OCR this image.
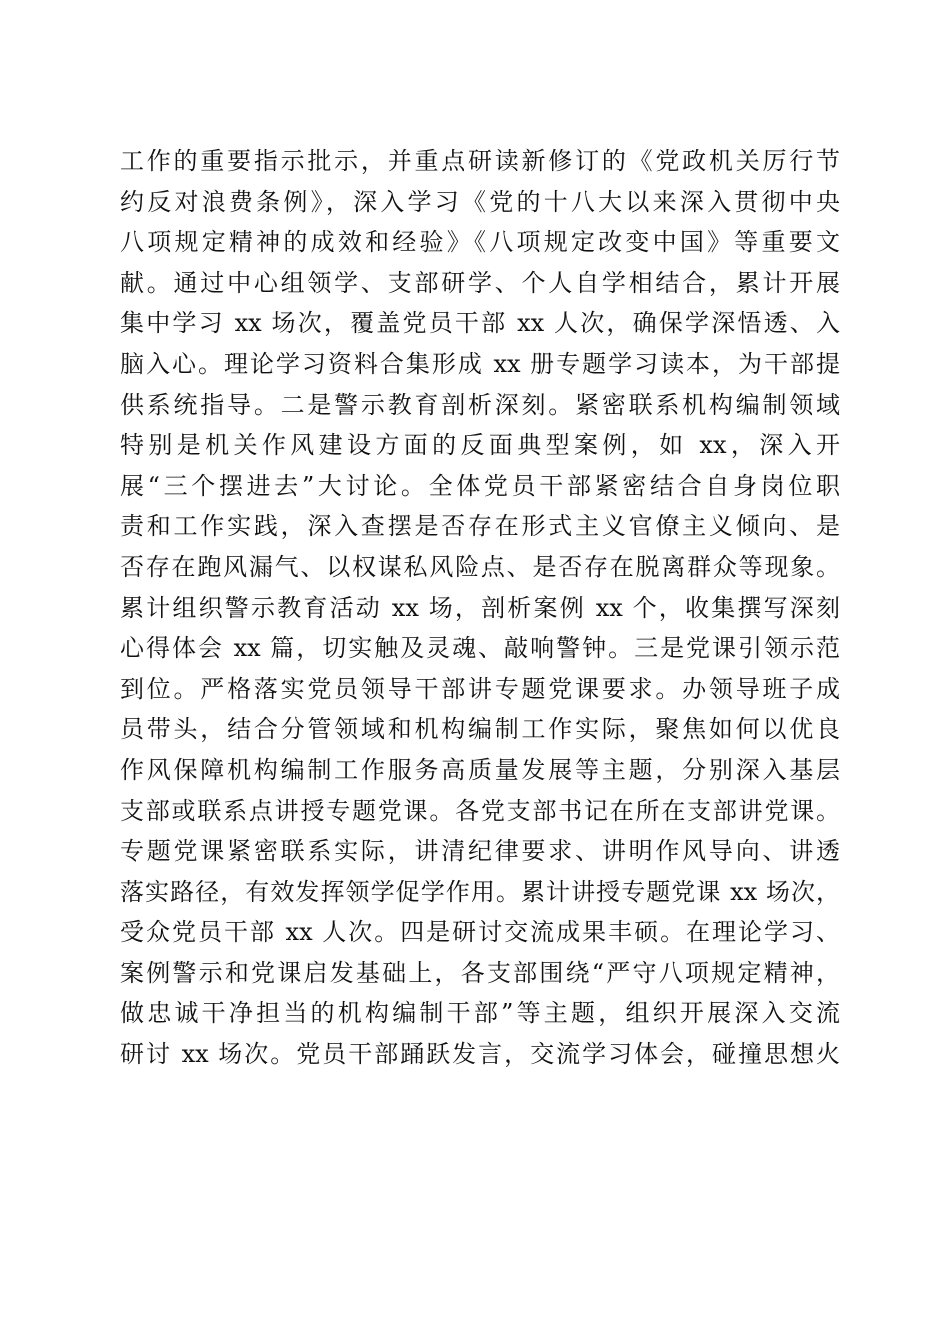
工作的重要指示批示，并重点研读新修订的《党政机关厉行节
约反对浪费条例》，深入学习《党的十八大以来深入贯彻中央
八项规定精神的成效和经验》《八项规定改变中国》等重要文
献。通过中心组领学、支部研学、个人自学相结合，累计开展
集中学习 xx 场次，覆盖党员干部 xx 人次，确保学深悟透、入
脑入心。理论学习资料合集形成 xx 册专题学习读本，为干部提
供系统指导。二是警示教育剖析深刻。紧密联系机构编制领域
特别是机关作风建设方面的反面典型案例，如 xx，深入开
展“三个摆进去”大讨论。全体党员干部紧密结合自身岗位职
责和工作实践，深入查摆是否存在形式主义官僚主义倾向、是
否存在跑风漏气、以权谋私风险点、是否存在脱离群众等现象。
累计组织警示教育活动 xx 场，剖析案例 xx 个，收集撰写深刻
心得体会 xx 篇，切实触及灵魂、敲响警钟。三是党课引领示范
到位。严格落实党员领导干部讲专题党课要求。办领导班子成
员带头，结合分管领域和机构编制工作实际，聚焦如何以优良
作风保障机构编制工作服务高质量发展等主题，分别深入基层
支部或联系点讲授专题党课。各党支部书记在所在支部讲党课。
专题党课紧密联系实际，讲清纪律要求、讲明作风导向、讲透
落实路径，有效发挥领学促学作用。累计讲授专题党课 xx 场次，
受众党员干部 xx 人次。四是研讨交流成果丰硕。在理论学习、
案例警示和党课启发基础上，各支部围绕“严守八项规定精神，
做忠诚干净担当的机构编制干部”等主题，组织开展深入交流
研讨 xx 场次。党员干部踊跃发言，交流学习体会，碰撞思想火
